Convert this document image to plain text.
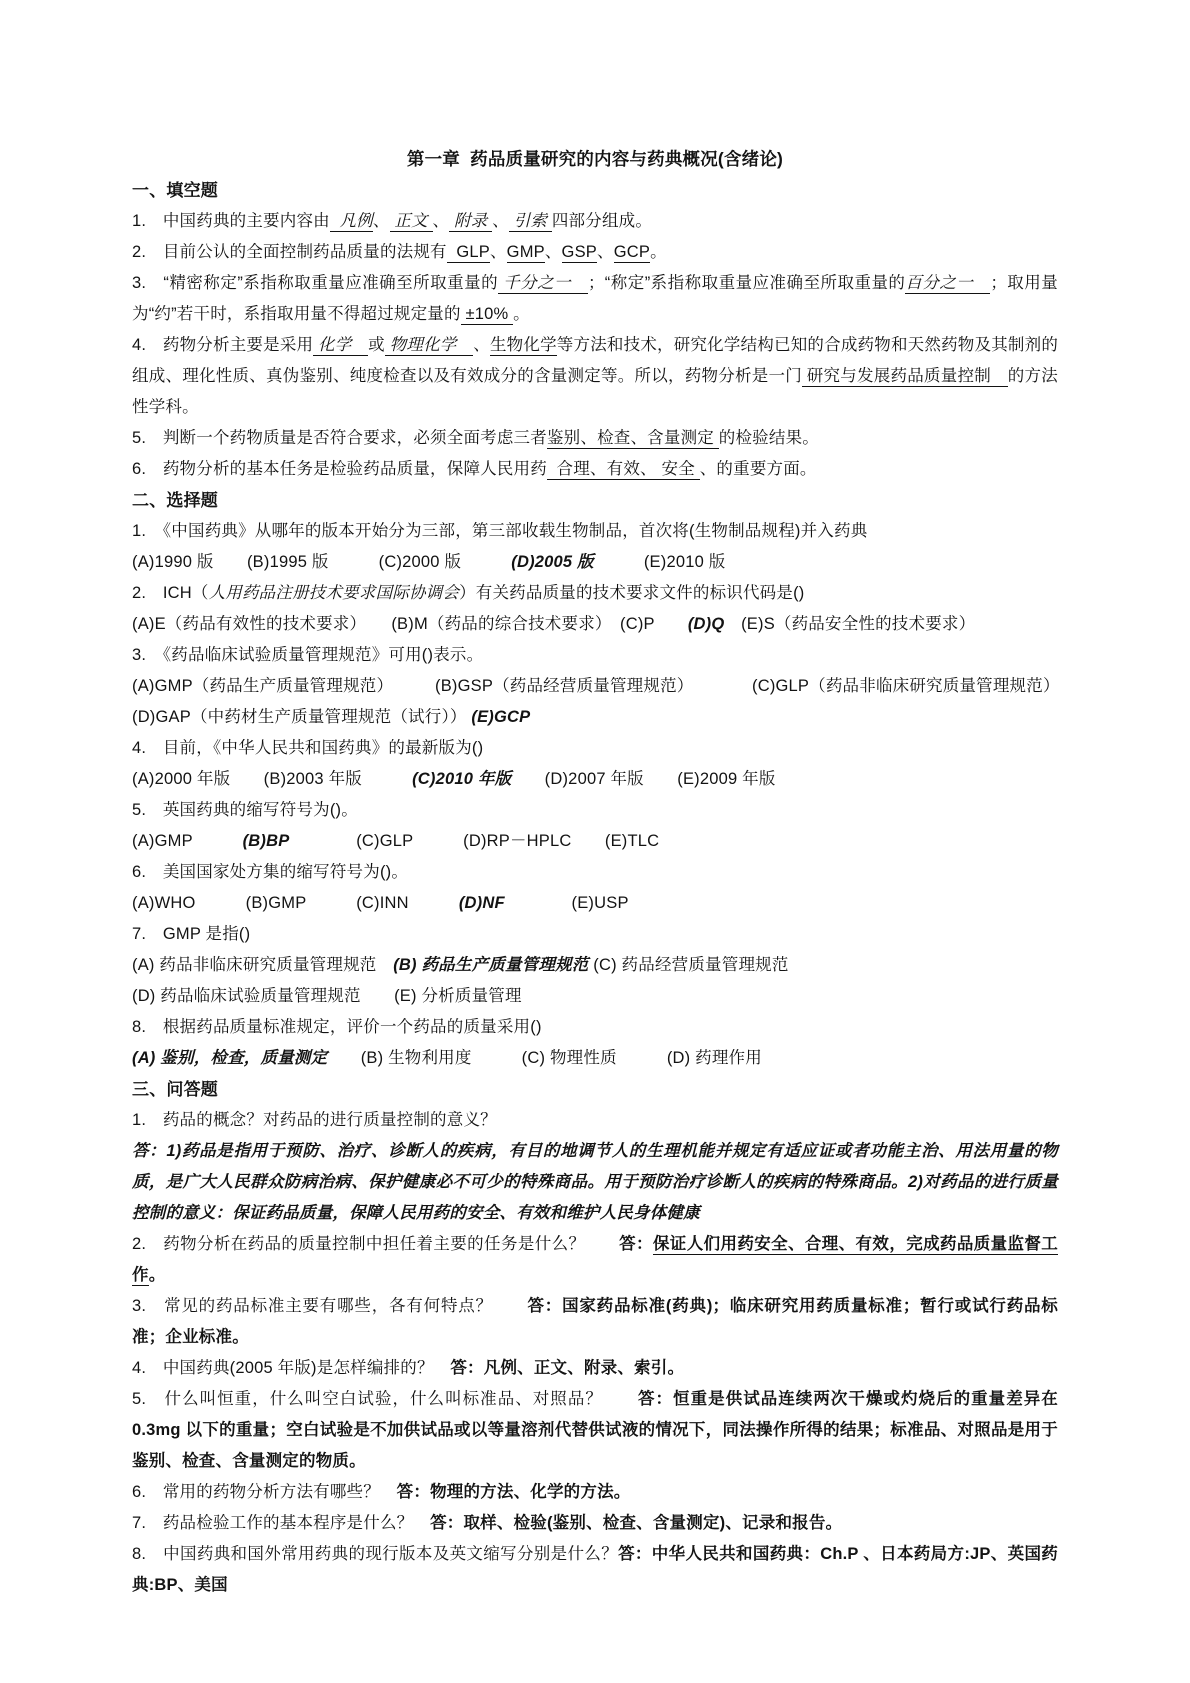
第一章  药品质量研究的内容与药典概况(含绪论)

一、填空题

1.　中国药典的主要内容由  凡例、 正文 、 附录 、 引索 四部分组成。

2.　目前公认的全面控制药品质量的法规有  GLP、GMP、GSP、GCP。

3.　“精密称定”系指称取重量应准确至所取重量的 千分之一　；“称定”系指称取重量应准确至所取重量的百分之一　；取用量为“约”若干时，系指取用量不得超过规定量的 ±10% 。

4.　药物分析主要是采用 化学　或 物理化学　、生物化学等方法和技术，研究化学结构已知的合成药物和天然药物及其制剂的组成、理化性质、真伪鉴别、纯度检查以及有效成分的含量测定等。所以，药物分析是一门 研究与发展药品质量控制　的方法性学科。

5.　判断一个药物质量是否符合要求，必须全面考虑三者鉴别、检查、含量测定 的检验结果。

6.　药物分析的基本任务是检验药品质量，保障人民用药  合理、有效、 安全 、的重要方面。

二、选择题

1.　《中国药典》从哪年的版本开始分为三部，第三部收载生物制品，首次将(生物制品规程)并入药典

(A)1990 版　　(B)1995 版　　　(C)2000 版　　　(D)2005 版　　　(E)2010 版

2.　ICH（人用药品注册技术要求国际协调会）有关药品质量的技术要求文件的标识代码是()

(A)E（药品有效性的技术要求）　　(B)M（药品的综合技术要求）　(C)P　　(D)Q　(E)S（药品安全性的技术要求）

3.　《药品临床试验质量管理规范》可用()表示。

(A)GMP（药品生产质量管理规范）　　　(B)GSP（药品经营质量管理规范）　　　　(C)GLP（药品非临床研究质量管理规范）　　　(D)GAP（中药材生产质量管理规范（试行）） (E)GCP

4.　目前，《中华人民共和国药典》的最新版为()

(A)2000 年版　　(B)2003 年版　　　(C)2010 年版　　(D)2007 年版　　(E)2009 年版

5.　英国药典的缩写符号为()。

(A)GMP　　　(B)BP　　　　(C)GLP　　　(D)RP－HPLC　　(E)TLC

6.　美国国家处方集的缩写符号为()。

(A)WHO　　　(B)GMP　　　(C)INN　　　(D)NF　　　　(E)USP

7.　GMP 是指()

(A) 药品非临床研究质量管理规范　(B) 药品生产质量管理规范 (C) 药品经营质量管理规范

(D) 药品临床试验质量管理规范　　(E) 分析质量管理

8.　根据药品质量标准规定，评价一个药品的质量采用()

(A) 鉴别，检查，质量测定　　(B) 生物利用度　　　(C) 物理性质　　　(D) 药理作用

三、问答题

1.　药品的概念？对药品的进行质量控制的意义？

答：1)药品是指用于预防、治疗、诊断人的疾病，有目的地调节人的生理机能并规定有适应证或者功能主治、用法用量的物质，是广大人民群众防病治病、保护健康必不可少的特殊商品。用于预防治疗诊断人的疾病的特殊商品。2)对药品的进行质量控制的意义：保证药品质量，保障人民用药的安全、有效和维护人民身体健康

2.　药物分析在药品的质量控制中担任着主要的任务是什么？　　答：保证人们用药安全、合理、有效，完成药品质量监督工作。

3.　常见的药品标准主要有哪些，各有何特点？　　答：国家药品标准(药典)；临床研究用药质量标准；暂行或试行药品标准；企业标准。

4.　中国药典(2005 年版)是怎样编排的？　答：凡例、正文、附录、索引。

5.　什么叫恒重，什么叫空白试验，什么叫标准品、对照品？　　答：恒重是供试品连续两次干燥或灼烧后的重量差异在 0.3mg 以下的重量；空白试验是不加供试品或以等量溶剂代替供试液的情况下，同法操作所得的结果；标准品、对照品是用于鉴别、检查、含量测定的物质。

6.　常用的药物分析方法有哪些？　答：物理的方法、化学的方法。

7.　药品检验工作的基本程序是什么？　答：取样、检验(鉴别、检查、含量测定)、记录和报告。

8.　中国药典和国外常用药典的现行版本及英文缩写分别是什么？答：中华人民共和国药典：Ch.P 、日本药局方:JP、英国药典:BP、美国
